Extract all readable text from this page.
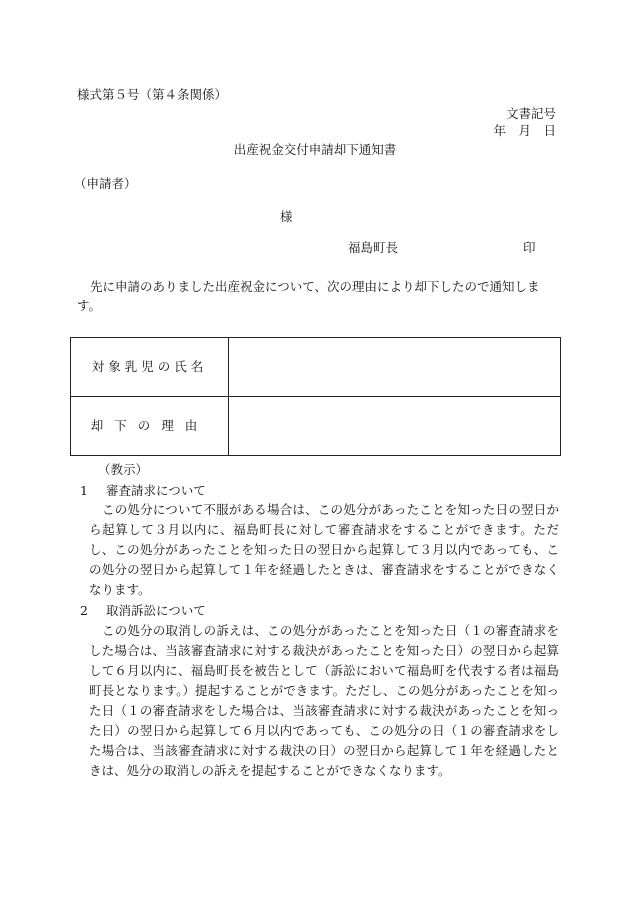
様式第５号（第４条関係）
文書記号
年　月　日
出産祝金交付申請却下通知書
（申請者）
様
福島町長	印
先に申請のありました出産祝金について、次の理由により却下したので通知します。
対象乳児の氏名	
却下の理由	
（教示）
1 審査請求について
この処分について不服がある場合は、この処分があったことを知った日の翌日から起算して３月以内に、福島町長に対して審査請求をすることができます。ただし、この処分があったことを知った日の翌日から起算して３月以内であっても、この処分の翌日から起算して１年を経過したときは、審査請求をすることができなくなります。
2 取消訴訟について
この処分の取消しの訴えは、この処分があったことを知った日（１の審査請求をした場合は、当該審査請求に対する裁決があったことを知った日）の翌日から起算して６月以内に、福島町長を被告として（訴訟において福島町を代表する者は福島町長となります。）提起することができます。ただし、この処分があったことを知った日（１の審査請求をした場合は、当該審査請求に対する裁決があったことを知った日）の翌日から起算して６月以内であっても、この処分の日（１の審査請求をした場合は、当該審査請求に対する裁決の日）の翌日から起算して１年を経過したときは、処分の取消しの訴えを提起することができなくなります。
